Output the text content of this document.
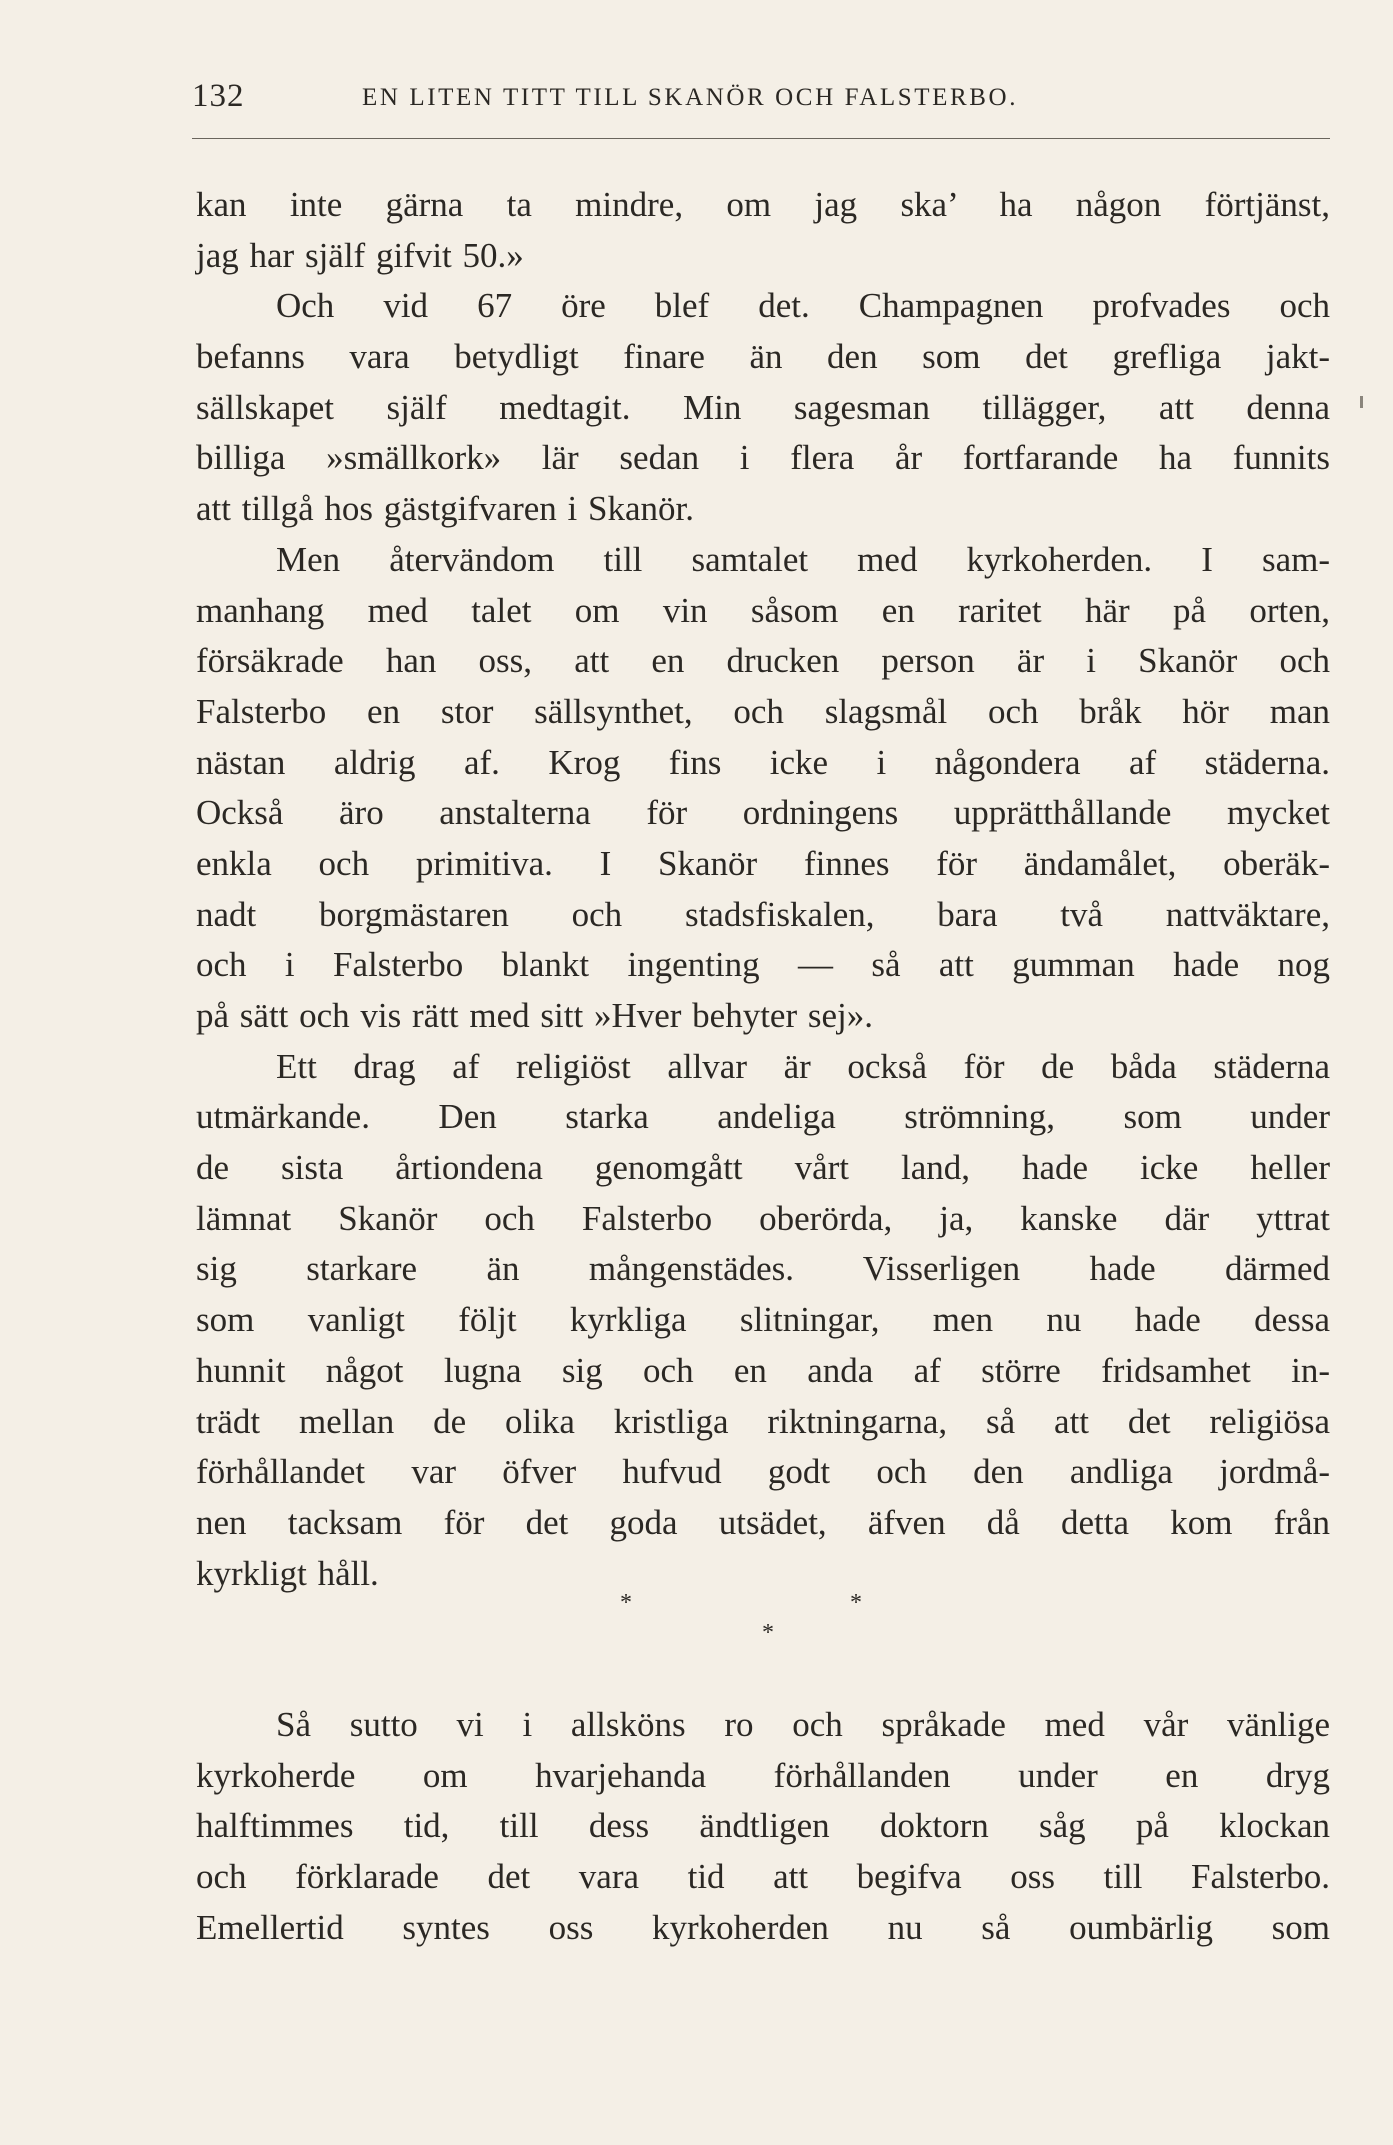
132	EN LITEN TITT TILL SKANÖR OCH FALSTERBO.
kan inte gärna ta mindre, om jag ska’ ha någon förtjänst,
jag har själf gifvit 50.»
Och vid 67 öre blef det. Champagnen profvades och
befanns vara betydligt finare än den som det grefliga jakt-
sällskapet själf medtagit. Min sagesman tillägger, att denna
billiga »smällkork» lär sedan i flera år fortfarande ha funnits
att tillgå hos gästgifvaren i Skanör.
Men återvändom till samtalet med kyrkoherden. I sam-
manhang med talet om vin såsom en raritet här på orten,
försäkrade han oss, att en drucken person är i Skanör och
Falsterbo en stor sällsynthet, och slagsmål och bråk hör man
nästan aldrig af. Krog fins icke i någondera af städerna.
Också äro anstalterna för ordningens upprätthållande mycket
enkla och primitiva. I Skanör finnes för ändamålet, oberäk-
nadt borgmästaren och stadsfiskalen, bara två nattväktare,
och i Falsterbo blankt ingenting — så att gumman hade nog
på sätt och vis rätt med sitt »Hver behyter sej».
Ett drag af religiöst allvar är också för de båda städerna
utmärkande. Den starka andeliga strömning, som under
de sista årtiondena genomgått vårt land, hade icke heller
lämnat Skanör och Falsterbo oberörda, ja, kanske där yttrat
sig starkare än mångenstädes. Visserligen hade därmed
som vanligt följt kyrkliga slitningar, men nu hade dessa
hunnit något lugna sig och en anda af större fridsamhet in-
trädt mellan de olika kristliga riktningarna, så att det religiösa
förhållandet var öfver hufvud godt och den andliga jordmå-
nen tacksam för det goda utsädet, äfven då detta kom från
kyrkligt håll.
*	*
*
Så sutto vi i allsköns ro och språkade med vår vänlige
kyrkoherde om hvarjehanda förhållanden under en dryg
halftimmes tid, till dess ändtligen doktorn såg på klockan
och förklarade det vara tid att begifva oss till Falsterbo.
Emellertid syntes oss kyrkoherden nu så oumbärlig som
